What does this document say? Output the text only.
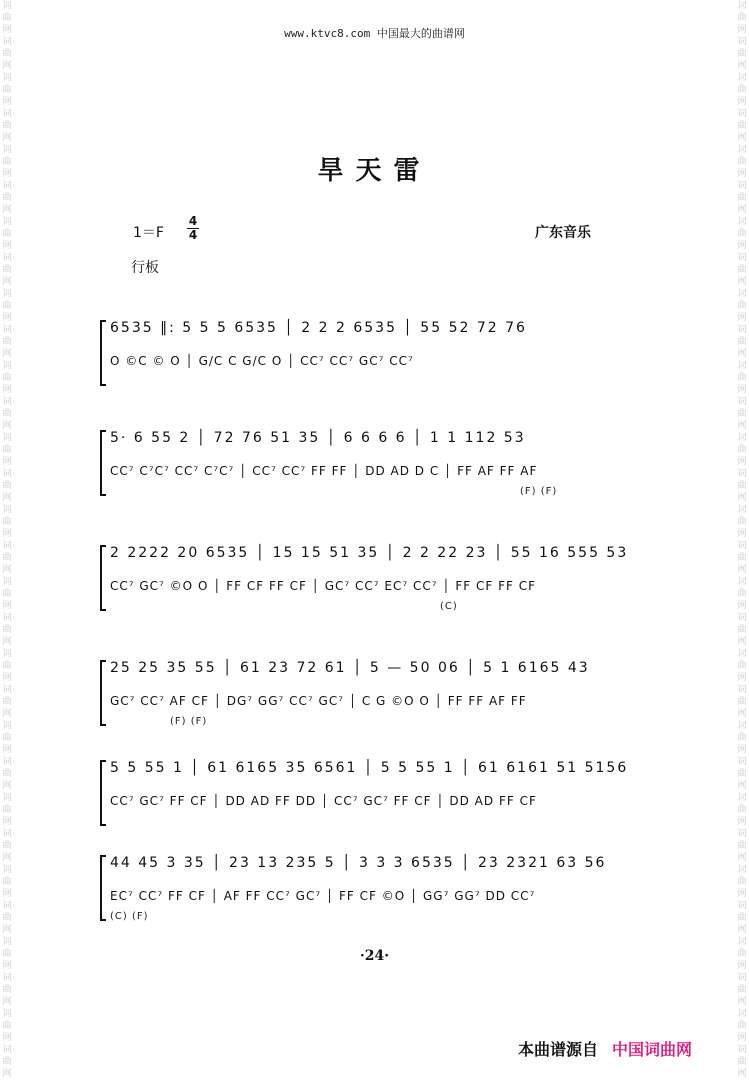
词
曲
网
词
曲
网
词
曲
网
词
曲
网
词
曲
网
词
曲
网
词
曲
网
词
曲
网
词
曲
网
词
曲
网
词
曲
网
词
曲
网
词
曲
网
词
曲
网
词
曲
网
词
曲
网
词
曲
网
词
曲
网
词
曲
网
词
曲
网
词
曲
网
词
曲
网
词
曲
网
词
曲
网
词
曲
网
词
曲
网
词
曲
网
词
曲
网
词
曲
网
词
曲
网
词
曲
网
词
曲
网
词
曲
网
词
曲
网
词
曲
网
词
曲
网
词
曲
网
词
曲
网
词
曲
网
词
曲
网
词
曲
网
词
曲
网
词
曲
网
词
曲
网
词
曲
网
词
曲
网
词
曲
网
词
曲
网
词
曲
网
词
曲
网
词
曲
网
词
曲
网
词
曲
网
词
曲
网
词
曲
网
词
曲
网
词
曲
网
词
曲
网
词
曲
网
词
曲
网
www.ktvc8.com 中国最大的曲谱网
旱天雷
1＝F
4
4	广东音乐
行板
6535 ‖: 5 5 5 6535 │ 2 2 2 6535 │ 55 52 72 76
O ©C © O │ G/C C G/C O │ CC⁷ CC⁷ GC⁷ CC⁷
5· 6 55 2 │ 72 76 51 35 │ 6 6 6 6 │ 1 1 112 53
CC⁷ C⁷C⁷ CC⁷ C⁷C⁷ │ CC⁷ CC⁷ FF FF │ DD AD D C │ FF AF FF AF
(F) (F)
2 2222 20 6535 │ 15 15 51 35 │ 2 2 22 23 │ 55 16 555 53
CC⁷ GC⁷ ©O O │ FF CF FF CF │ GC⁷ CC⁷ EC⁷ CC⁷ │ FF CF FF CF
(C)
25 25 35 55 │ 61 23 72 61 │ 5 — 50 06 │ 5 1 6165 43
GC⁷ CC⁷ AF CF │ DG⁷ GG⁷ CC⁷ GC⁷ │ C G ©O O │ FF FF AF FF
(F) (F)
5 5 55 1 │ 61 6165 35 6561 │ 5 5 55 1 │ 61 6161 51 5156
CC⁷ GC⁷ FF CF │ DD AD FF DD │ CC⁷ GC⁷ FF CF │ DD AD FF CF
44 45 3 35 │ 23 13 235 5 │ 3 3 3 6535 │ 23 2321 63 56
EC⁷ CC⁷ FF CF │ AF FF CC⁷ GC⁷ │ FF CF ©O │ GG⁷ GG⁷ DD CC⁷
(C) (F)
·24·
本曲谱源自 中国词曲网
